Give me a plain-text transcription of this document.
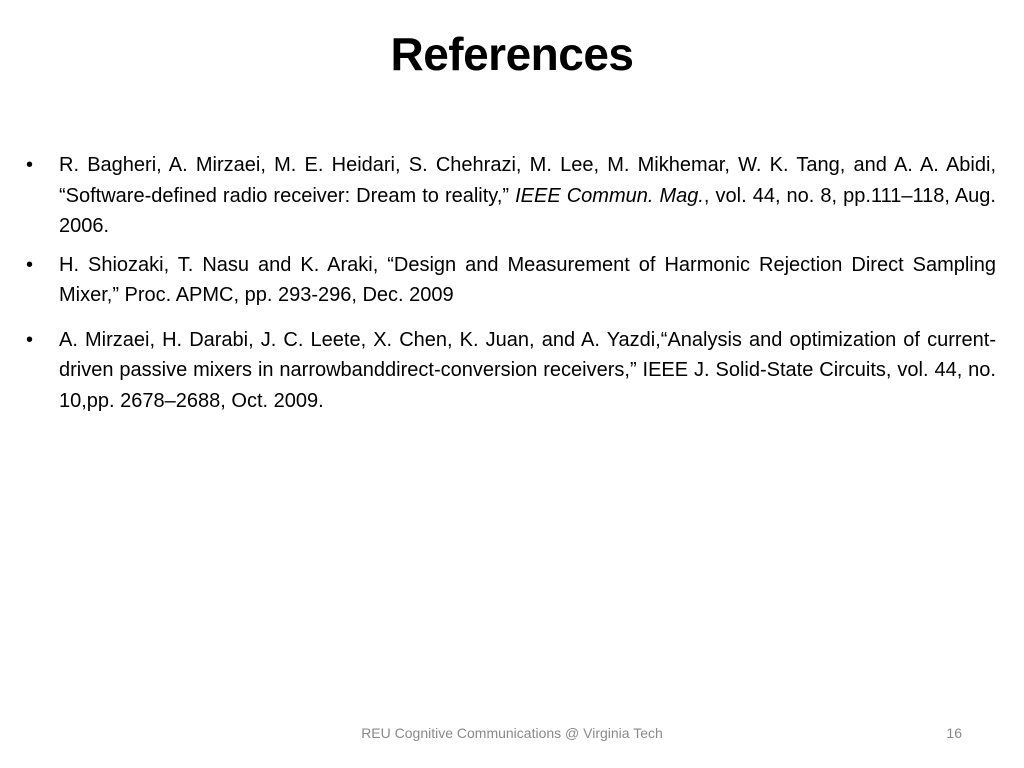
References
• R. Bagheri, A. Mirzaei, M. E. Heidari, S. Chehrazi, M. Lee, M. Mikhemar, W. K. Tang, and A. A. Abidi, “Software-defined radio receiver: Dream to reality,” IEEE Commun. Mag., vol. 44, no. 8, pp.111–118, Aug. 2006.
• H. Shiozaki, T. Nasu and K. Araki, “Design and Measurement of Harmonic Rejection Direct Sampling Mixer,” Proc. APMC, pp. 293-296, Dec. 2009
• A. Mirzaei, H. Darabi, J. C. Leete, X. Chen, K. Juan, and A. Yazdi,“Analysis and optimization of current-driven passive mixers in narrowbanddirect-conversion receivers,” IEEE J. Solid-State Circuits, vol. 44, no. 10,pp. 2678–2688, Oct. 2009.
REU Cognitive Communications @ Virginia Tech	16
